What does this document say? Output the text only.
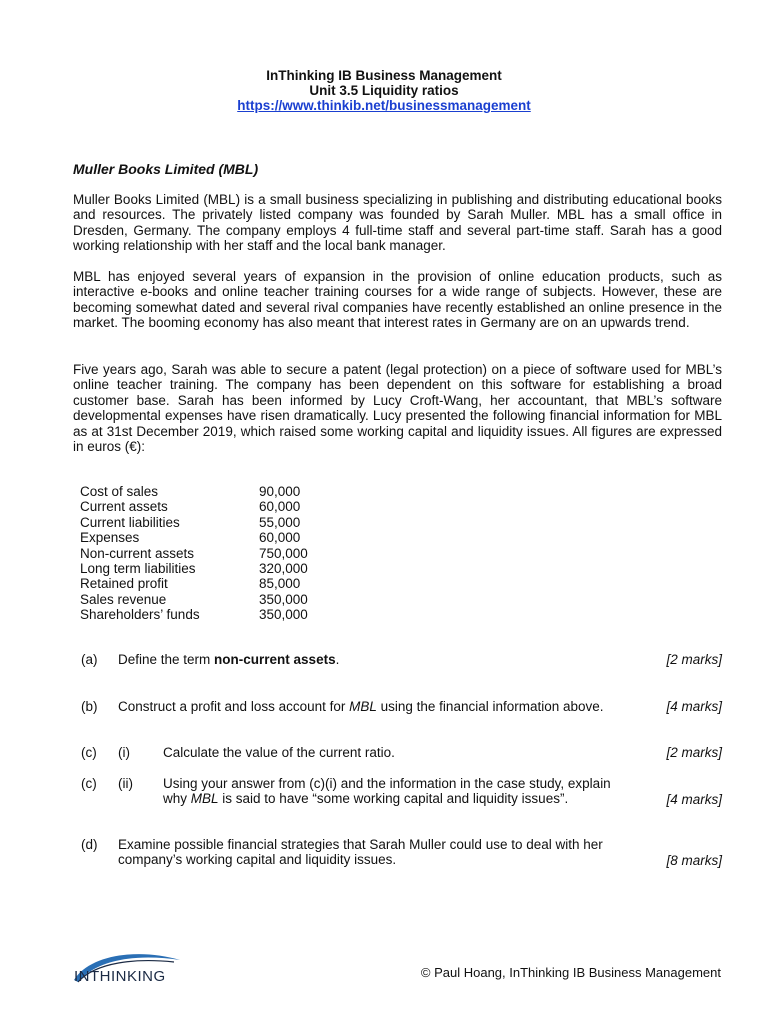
InThinking IB Business Management
Unit 3.5 Liquidity ratios
https://www.thinkib.net/businessmanagement
Muller Books Limited (MBL)

Muller Books Limited (MBL) is a small business specializing in publishing and distributing educational books and resources. The privately listed company was founded by Sarah Muller. MBL has a small office in Dresden, Germany. The company employs 4 full-time staff and several part-time staff. Sarah has a good working relationship with her staff and the local bank manager.

MBL has enjoyed several years of expansion in the provision of online education products, such as interactive e-books and online teacher training courses for a wide range of subjects. However, these are becoming somewhat dated and several rival companies have recently established an online presence in the market. The booming economy has also meant that interest rates in Germany are on an upwards trend.

Five years ago, Sarah was able to secure a patent (legal protection) on a piece of software used for MBL’s online teacher training. The company has been dependent on this software for establishing a broad customer base. Sarah has been informed by Lucy Croft-Wang, her accountant, that MBL’s software developmental expenses have risen dramatically. Lucy presented the following financial information for MBL as at 31st December 2019, which raised some working capital and liquidity issues. All figures are expressed in euros (€):

Cost of sales	90,000
Current assets	60,000
Current liabilities	55,000
Expenses	60,000
Non-current assets	750,000
Long term liabilities	320,000
Retained profit	85,000
Sales revenue	350,000
Shareholders’ funds	350,000
(a) Define the term non-current assets.	[2 marks]
(b) Construct a profit and loss account for MBL using the financial information above.	[4 marks]
(c) (i) Calculate the value of the current ratio.	[2 marks]
(c) (ii) Using your answer from (c)(i) and the information in the case study, explain
why MBL is said to have “some working capital and liquidity issues”.	[4 marks]
(d) Examine possible financial strategies that Sarah Muller could use to deal with her
company’s working capital and liquidity issues.	[8 marks]
INTHINKING	© Paul Hoang, InThinking IB Business Management
